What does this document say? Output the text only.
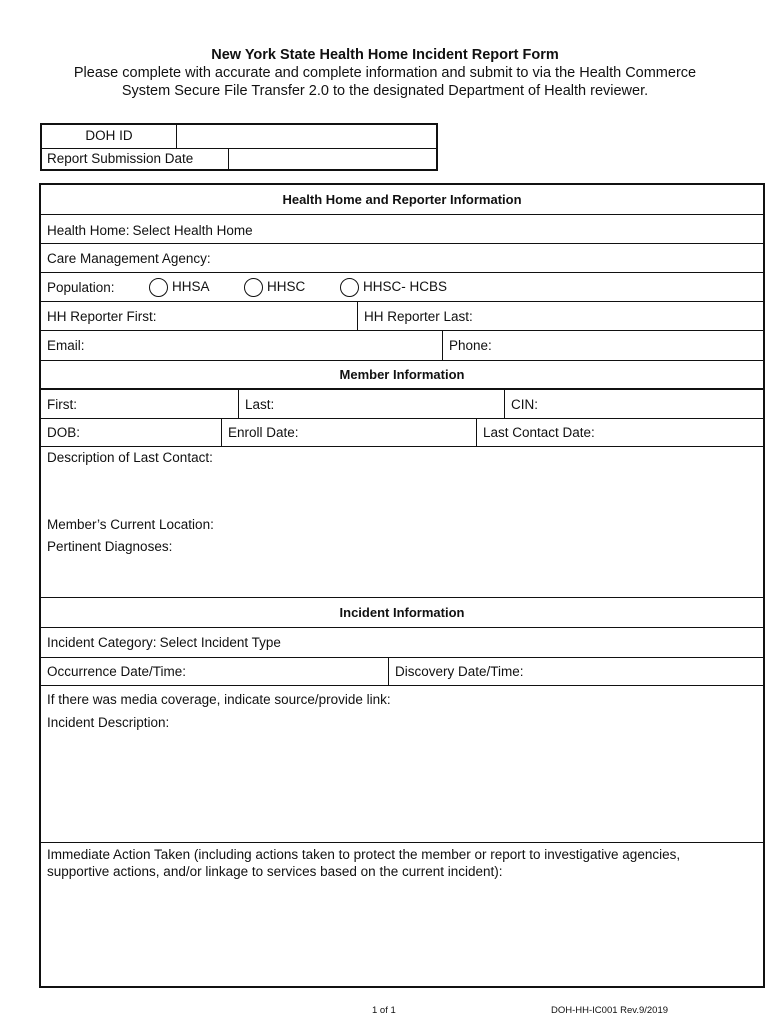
New York State Health Home Incident Report Form
Please complete with accurate and complete information and submit to via the Health Commerce
System Secure File Transfer 2.0 to the designated Department of Health reviewer.
DOH ID
Report Submission Date
Health Home and Reporter Information
Health Home: Select Health Home
Care Management Agency:
Population:	HHSA	HHSC	HHSC- HCBS
HH Reporter First:	HH Reporter Last:
Email:	Phone:
Member Information
First:	Last:	CIN:
DOB:	Enroll Date:	Last Contact Date:
Description of Last Contact:
Member’s Current Location:
Pertinent Diagnoses:
Incident Information
Incident Category: Select Incident Type
Occurrence Date/Time:	Discovery Date/Time:
If there was media coverage, indicate source/provide link:
Incident Description:
Immediate Action Taken (including actions taken to protect the member or report to investigative agencies,
supportive actions, and/or linkage to services based on the current incident):
1 of 1	DOH-HH-IC001 Rev.9/2019
